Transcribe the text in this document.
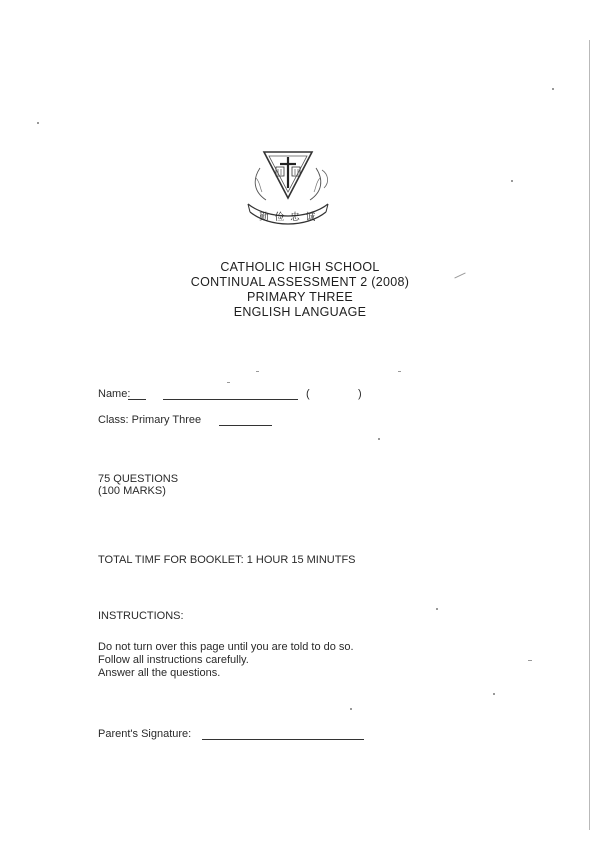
勤 俭 忠 诚
CATHOLIC HIGH SCHOOL
CONTINUAL ASSESSMENT 2 (2008)
PRIMARY THREE
ENGLISH LANGUAGE
Name:	(	)
Class: Primary Three
75 QUESTIONS
(100 MARKS)
TOTAL TIMF FOR BOOKLET: 1 HOUR 15 MINUTFS
INSTRUCTIONS:
Do not turn over this page until you are told to do so.
Follow all instructions carefully.
Answer all the questions.
Parent's Signature:
